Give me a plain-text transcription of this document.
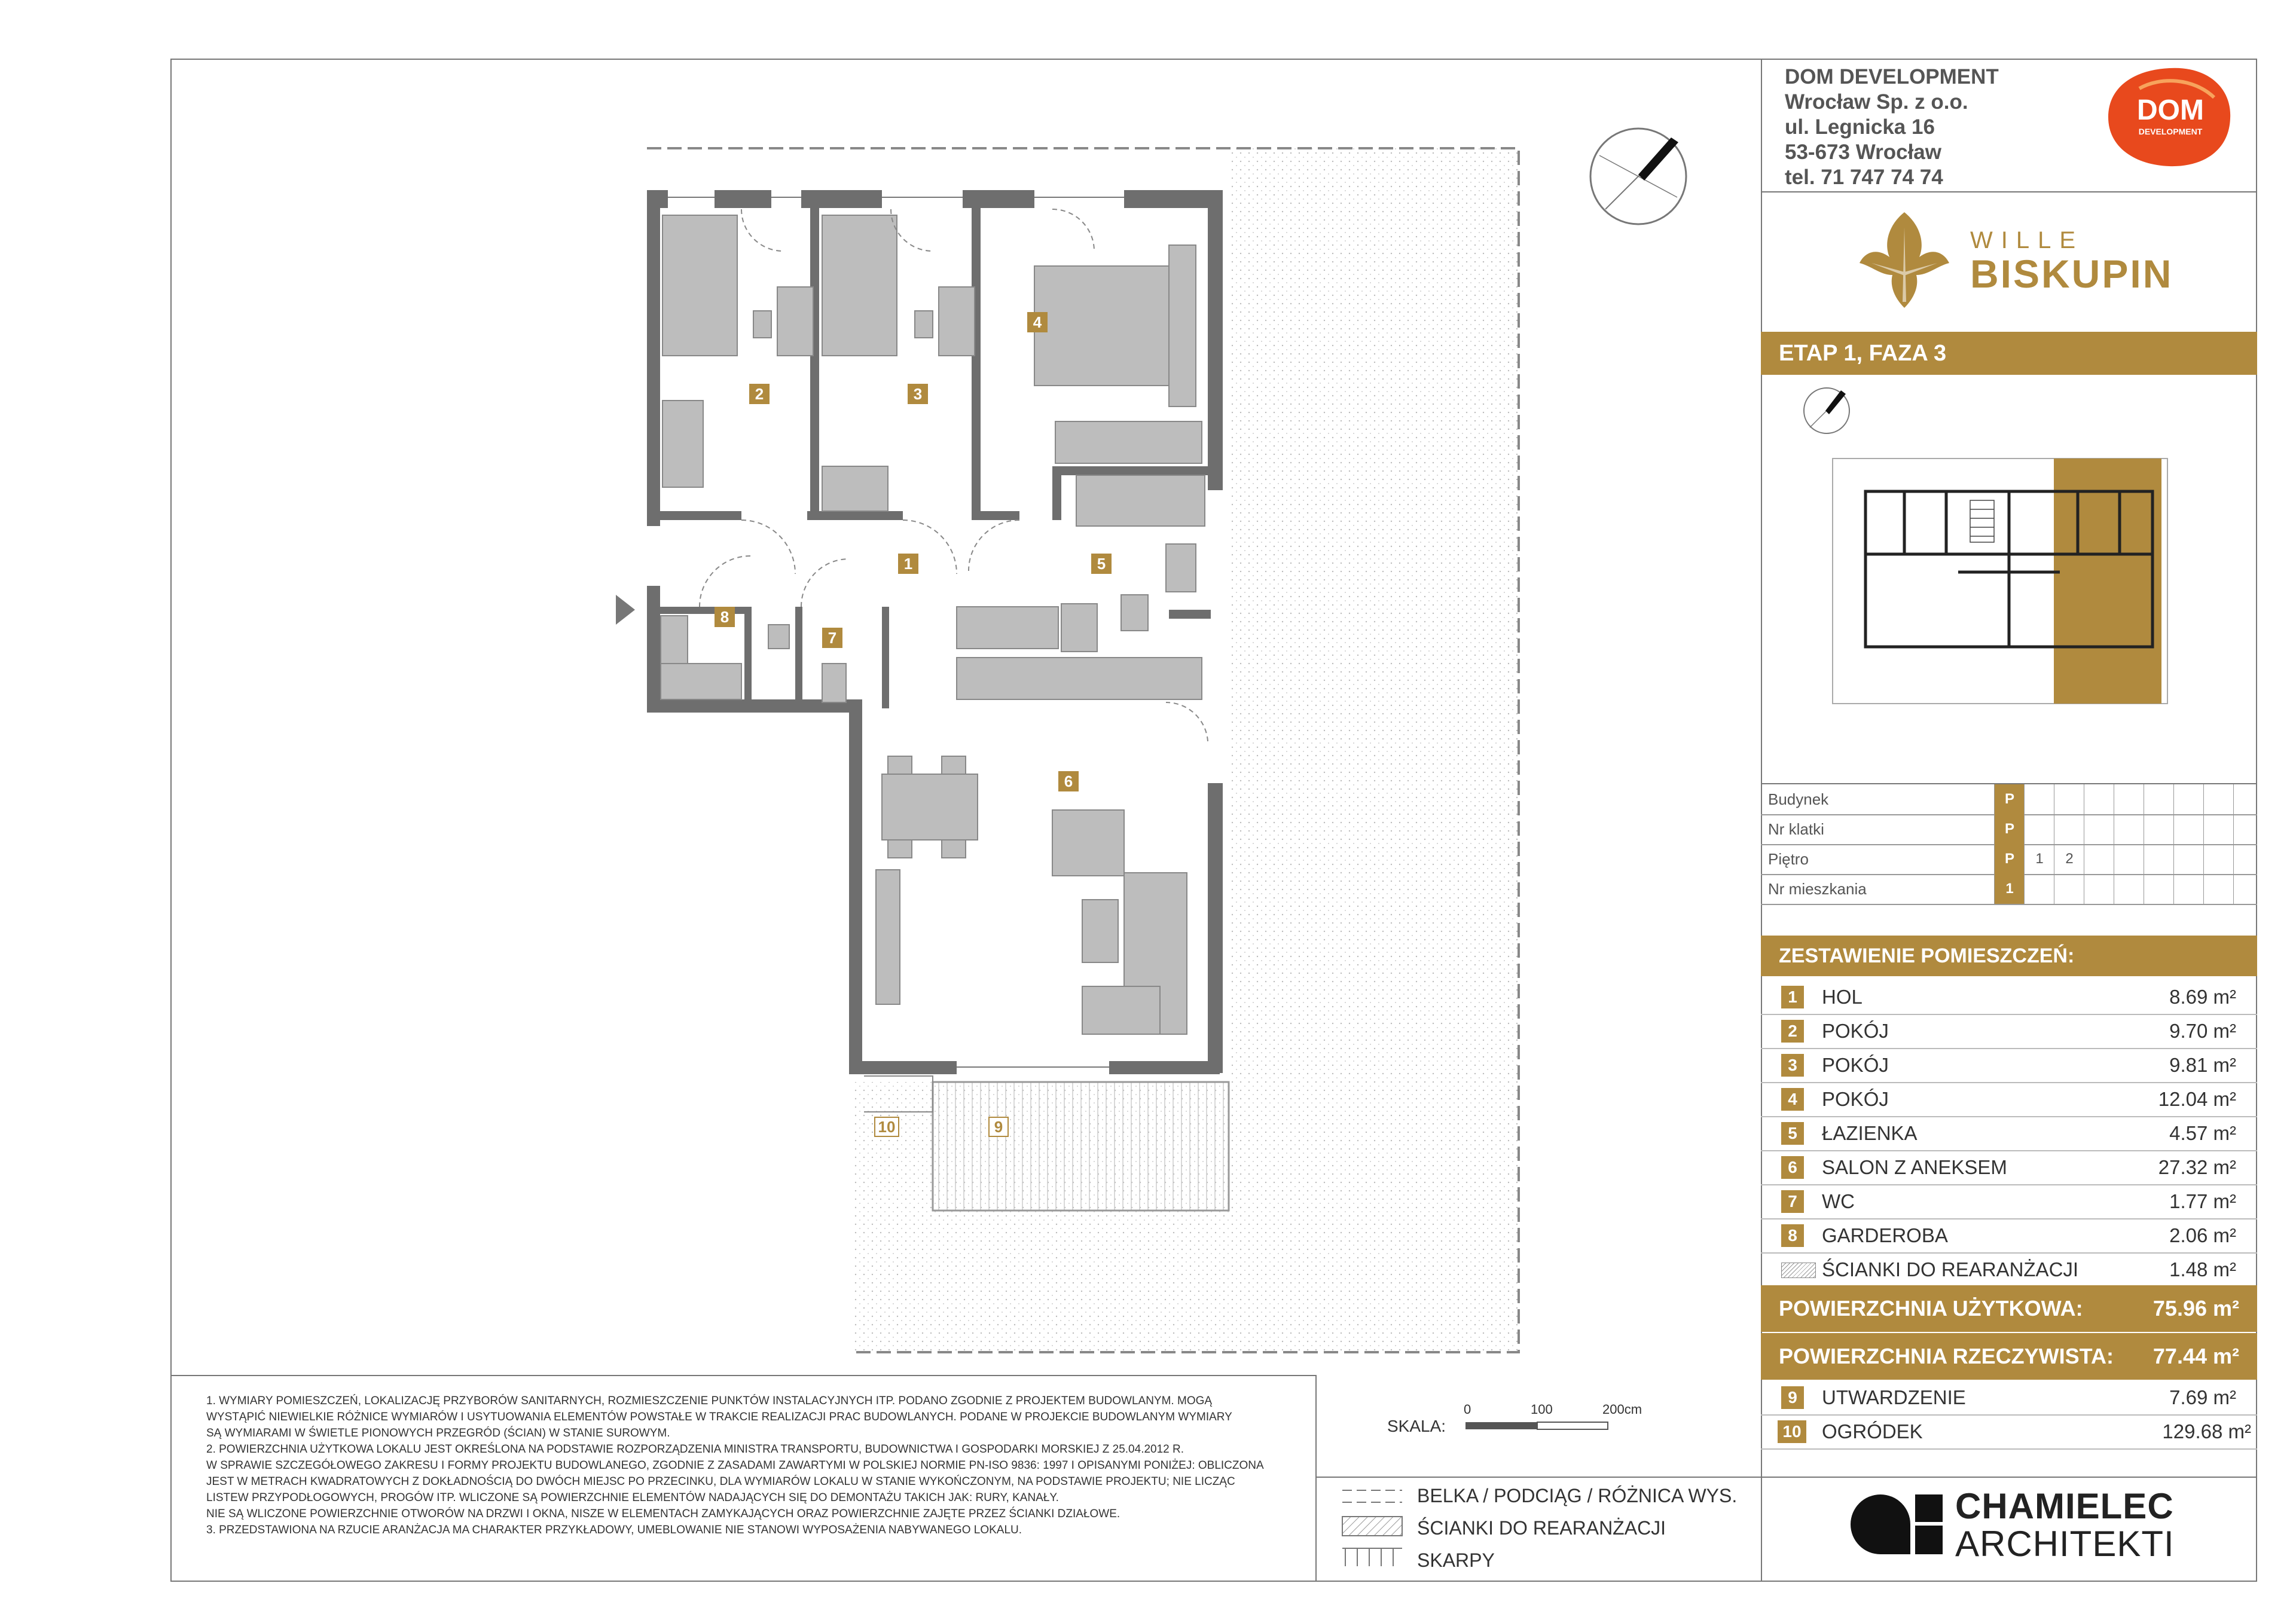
1
2	3
4
5
6
7
8
9
10
DOM DEVELOPMENT
Wrocław Sp. z o.o.
ul. Legnicka 16
53-673 Wrocław
tel. 71 747 74 74
DOM
DEVELOPMENT
WILLE
BISKUPIN
ETAP 1, FAZA 3
Budynek	P
Nr klatki	P
Piętro	P	1	2
Nr mieszkania	1
ZESTAWIENIE POMIESZCZEŃ:
1	HOL	8.69 m²
2	POKÓJ	9.70 m²
3	POKÓJ	9.81 m²
4	POKÓJ	12.04 m²
5	ŁAZIENKA	4.57 m²
6	SALON Z ANEKSEM	27.32 m²
7	WC	1.77 m²
8	GARDEROBA	2.06 m²
ŚCIANKI DO REARANŻACJI	1.48 m²
POWIERZCHNIA UŻYTKOWA:	75.96 m²
POWIERZCHNIA RZECZYWISTA: 77.44 m²
9	UTWARDZENIE	7.69 m²
10 OGRÓDEK	129.68 m²
CHAMIELEC
ARCHITEKTI

1. WYMIARY POMIESZCZEŃ, LOKALIZACJĘ PRZYBORÓW SANITARNYCH, ROZMIESZCZENIE PUNKTÓW INSTALACYJNYCH ITP. PODANO ZGODNIE Z PROJEKTEM BUDOWLANYM. MOGĄ

WYSTĄPIĆ NIEWIELKIE RÓŻNICE WYMIARÓW I USYTUOWANIA ELEMENTÓW POWSTAŁE W TRAKCIE REALIZACJI PRAC BUDOWLANYCH. PODANE W PROJEKCIE BUDOWLANYM WYMIARY

SĄ WYMIARAMI W ŚWIETLE PIONOWYCH PRZEGRÓD (ŚCIAN) W STANIE SUROWYM.

2. POWIERZCHNIA UŻYTKOWA LOKALU JEST OKREŚLONA NA PODSTAWIE ROZPORZĄDZENIA MINISTRA TRANSPORTU, BUDOWNICTWA I GOSPODARKI MORSKIEJ Z 25.04.2012 R.

W SPRAWIE SZCZEGÓŁOWEGO ZAKRESU I FORMY PROJEKTU BUDOWLANEGO, ZGODNIE Z ZASADAMI ZAWARTYMI W POLSKIEJ NORMIE PN-ISO 9836: 1997 I OPISANYMI PONIŻEJ: OBLICZONA

JEST W METRACH KWADRATOWYCH Z DOKŁADNOŚCIĄ DO DWÓCH MIEJSC PO PRZECINKU, DLA WYMIARÓW LOKALU W STANIE WYKOŃCZONYM, NA PODSTAWIE PROJEKTU; NIE LICZĄC

LISTEW PRZYPODŁOGOWYCH, PROGÓW ITP. WLICZONE SĄ POWIERZCHNIE ELEMENTÓW NADAJĄCYCH SIĘ DO DEMONTAŻU TAKICH JAK: RURY, KANAŁY.

NIE SĄ WLICZONE POWIERZCHNIE OTWORÓW NA DRZWI I OKNA, NISZE W ELEMENTACH ZAMYKAJĄCYCH ORAZ POWIERZCHNIE ZAJĘTE PRZEZ ŚCIANKI DZIAŁOWE.

3. PRZEDSTAWIONA NA RZUCIE ARANŻACJA MA CHARAKTER PRZYKŁADOWY, UMEBLOWANIE NIE STANOWI WYPOSAŻENIA NABYWANEGO LOKALU.

SKALA:
0	100	200cm
BELKA / PODCIĄG / RÓŻNICA WYS.
ŚCIANKI DO REARANŻACJI
SKARPY
